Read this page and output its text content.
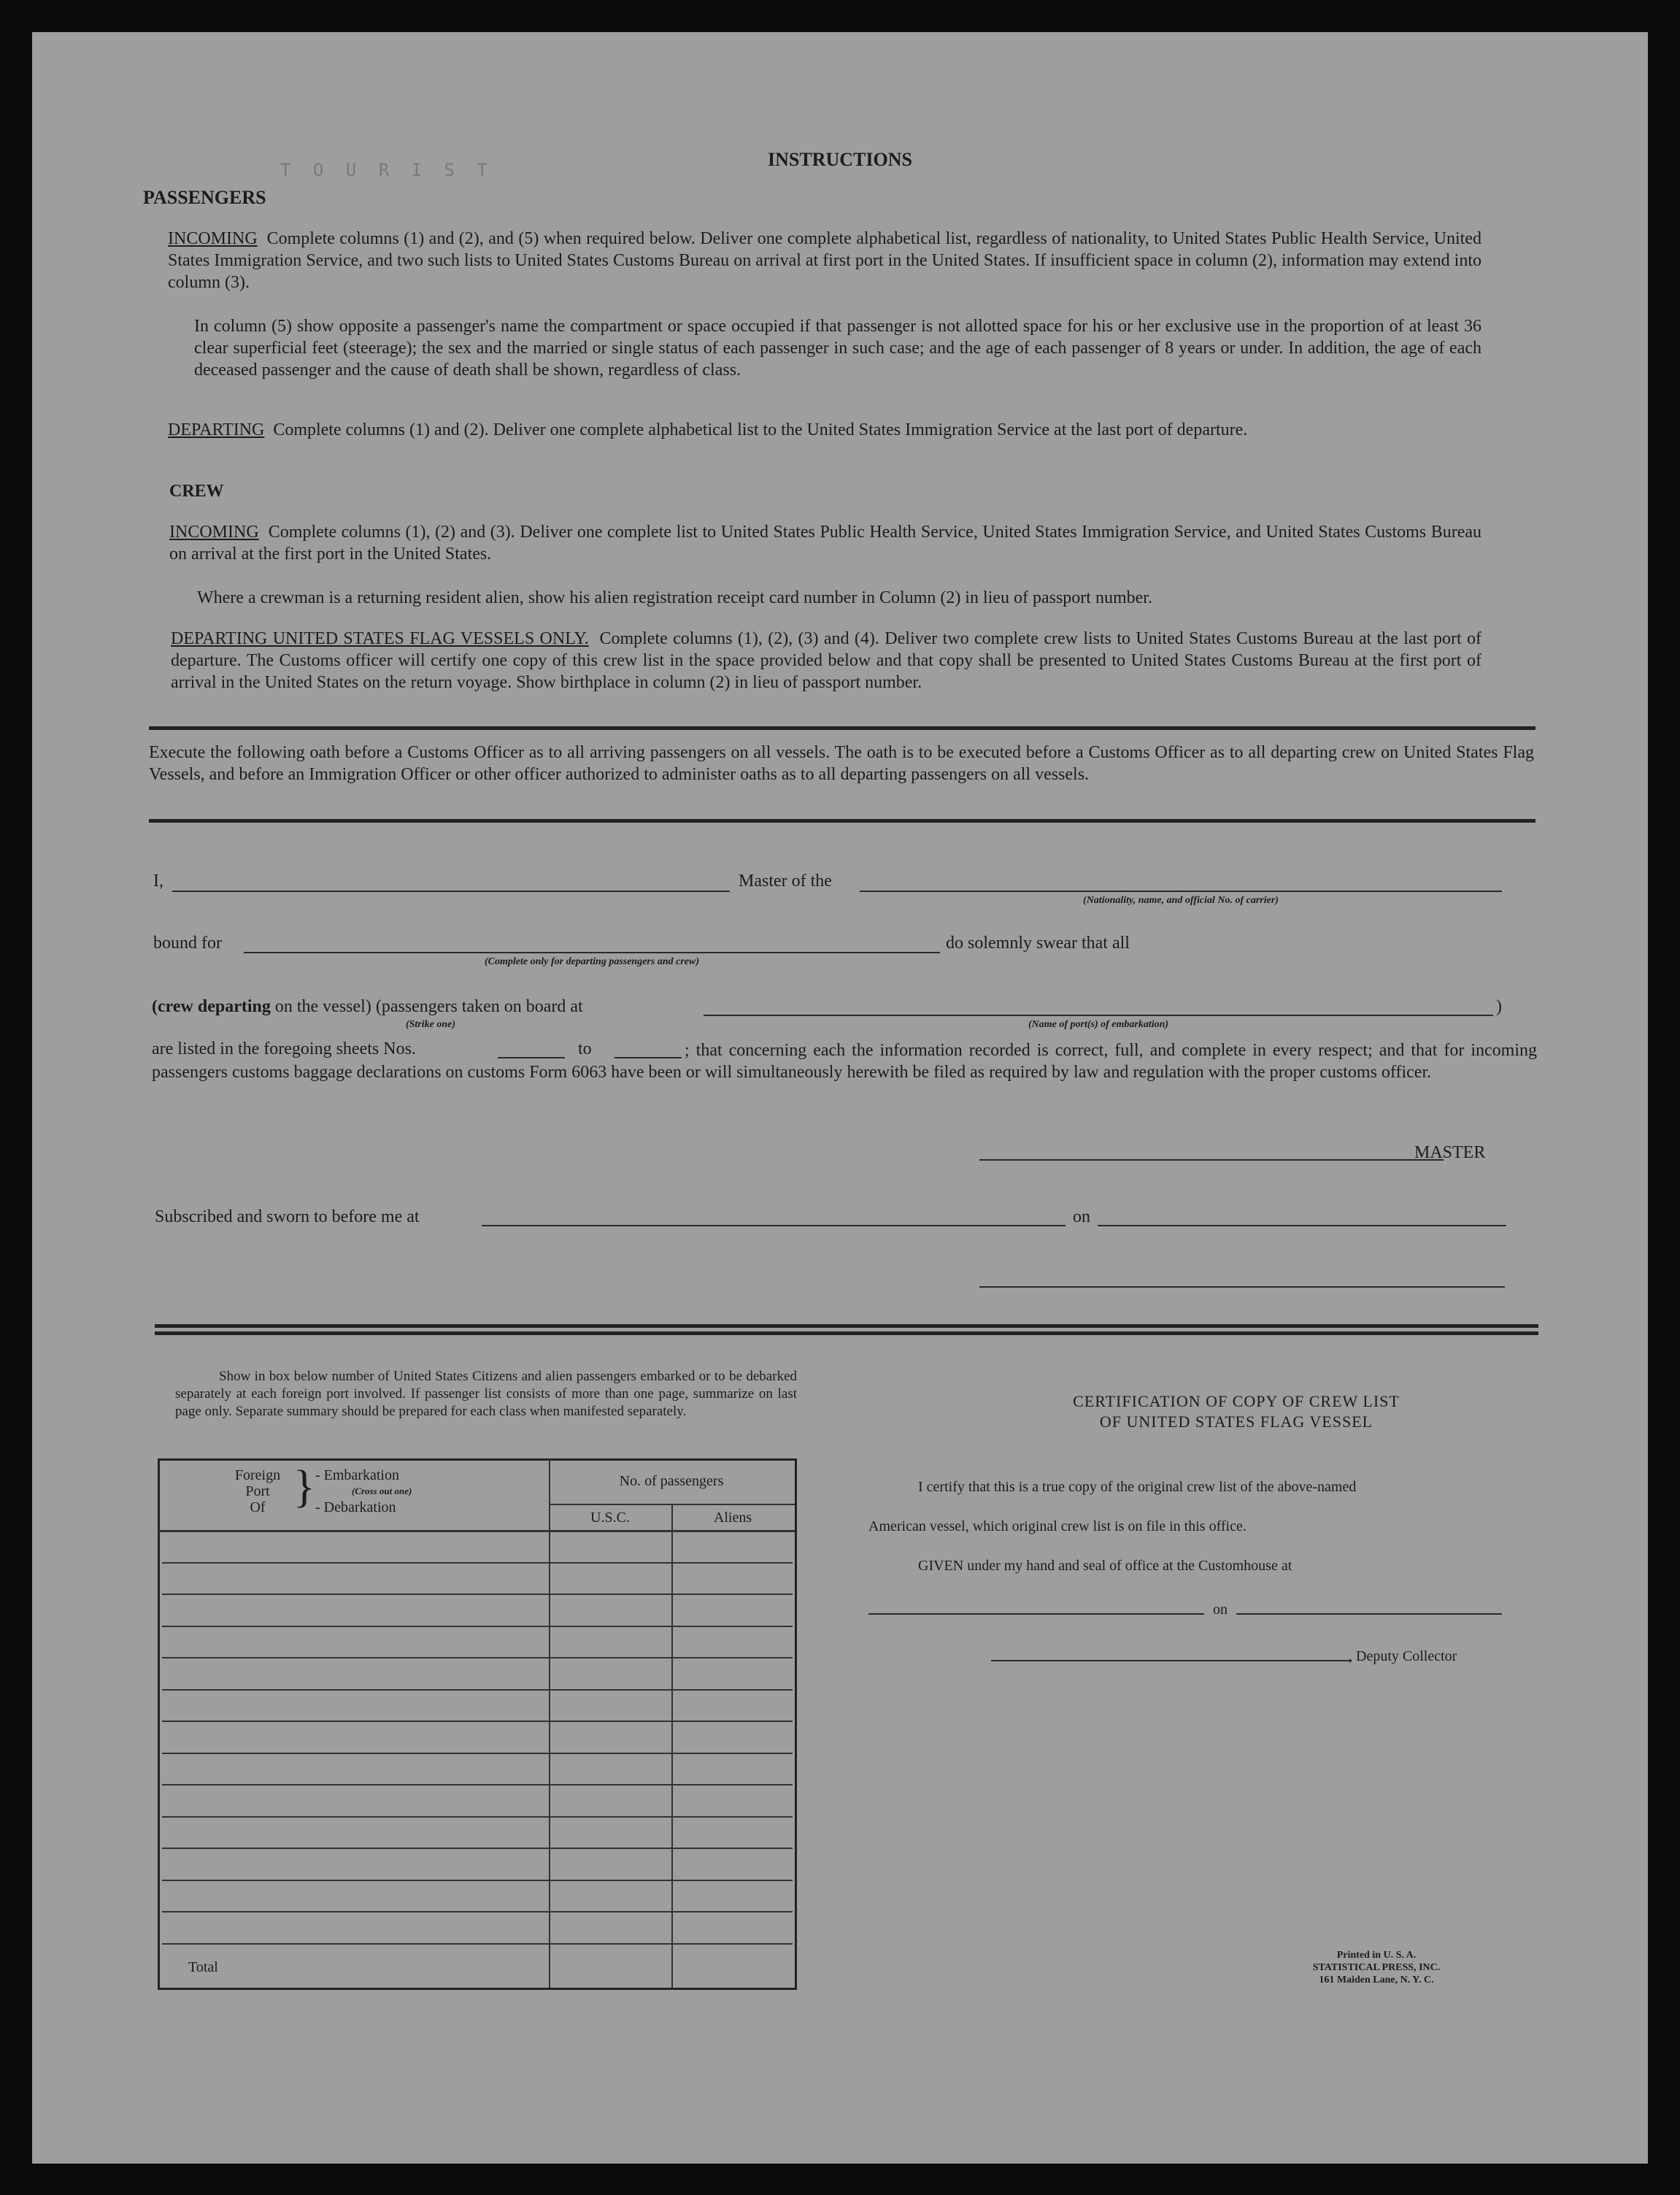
T O U R I S T	INSTRUCTIONS
PASSENGERS
INCOMING Complete columns (1) and (2), and (5) when required below. Deliver one complete alphabetical list, regardless of nationality, to United States Public Health Service, United States Immigration Service, and two such lists to United States Customs Bureau on arrival at first port in the United States. If insufficient space in column (2), information may extend into column (3).
In column (5) show opposite a passenger's name the compartment or space occupied if that passenger is not allotted space for his or her exclusive use in the proportion of at least 36 clear superficial feet (steerage); the sex and the married or single status of each passenger in such case; and the age of each passenger of 8 years or under. In addition, the age of each deceased passenger and the cause of death shall be shown, regardless of class.
DEPARTING Complete columns (1) and (2). Deliver one complete alphabetical list to the United States Immigration Service at the last port of departure.
CREW
INCOMING Complete columns (1), (2) and (3). Deliver one complete list to United States Public Health Service, United States Immigration Service, and United States Customs Bureau on arrival at the first port in the United States.
Where a crewman is a returning resident alien, show his alien registration receipt card number in Column (2) in lieu of passport number.
DEPARTING UNITED STATES FLAG VESSELS ONLY. Complete columns (1), (2), (3) and (4). Deliver two complete crew lists to United States Customs Bureau at the last port of departure. The Customs officer will certify one copy of this crew list in the space provided below and that copy shall be presented to United States Customs Bureau at the first port of arrival in the United States on the return voyage. Show birthplace in column (2) in lieu of passport number.
Execute the following oath before a Customs Officer as to all arriving passengers on all vessels. The oath is to be executed before a Customs Officer as to all departing crew on United States Flag Vessels, and before an Immigration Officer or other officer authorized to administer oaths as to all departing passengers on all vessels.
I,	Master of the
(Nationality, name, and official No. of carrier)
bound for
(Complete only for departing passengers and crew)
do solemnly swear that all
(crew departing on the vessel) (passengers taken on board at
(Strike one)	(Name of port(s) of embarkation)
)
are listed in the foregoing sheets Nos.	to	; that concerning each the information recorded is correct, full, and complete in every respect; and that for incoming passengers customs baggage declarations on customs Form 6063 have been or will simultaneously herewith be filed as required by law and regulation with the proper customs officer.
MASTER
Subscribed and sworn to before me at	on
Show in box below number of United States Citizens and alien passengers embarked or to be debarked separately at each foreign port involved. If passenger list consists of more than one page, summarize on last page only. Separate summary should be prepared for each class when manifested separately.
Foreign
Port
Of } - Embarkation
(Cross out one)
- Debarkation
No. of passengers
U.S.C.	Aliens
Total
CERTIFICATION OF COPY OF CREW LIST
OF UNITED STATES FLAG VESSEL
I certify that this is a true copy of the original crew list of the above-named
American vessel, which original crew list is on file in this office.
GIVEN under my hand and seal of office at the Customhouse at
on
, Deputy Collector
Printed in U. S. A.
STATISTICAL PRESS, INC.
161 Maiden Lane, N. Y. C.
